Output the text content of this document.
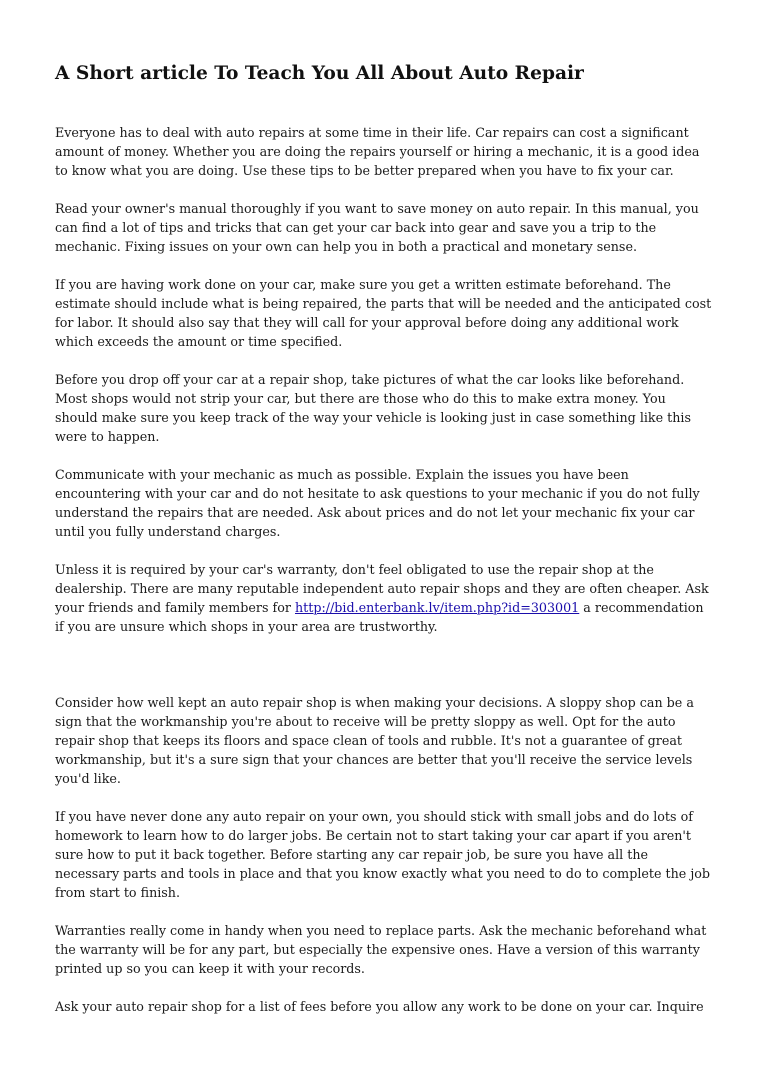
A Short article To Teach You All About Auto Repair

Everyone has to deal with auto repairs at some time in their life. Car repairs can cost a significant amount of money. Whether you are doing the repairs yourself or hiring a mechanic, it is a good idea to know what you are doing. Use these tips to be better prepared when you have to fix your car.

Read your owner's manual thoroughly if you want to save money on auto repair. In this manual, you can find a lot of tips and tricks that can get your car back into gear and save you a trip to the mechanic. Fixing issues on your own can help you in both a practical and monetary sense.

If you are having work done on your car, make sure you get a written estimate beforehand. The estimate should include what is being repaired, the parts that will be needed and the anticipated cost for labor. It should also say that they will call for your approval before doing any additional work which exceeds the amount or time specified.

Before you drop off your car at a repair shop, take pictures of what the car looks like beforehand. Most shops would not strip your car, but there are those who do this to make extra money. You should make sure you keep track of the way your vehicle is looking just in case something like this were to happen.

Communicate with your mechanic as much as possible. Explain the issues you have been encountering with your car and do not hesitate to ask questions to your mechanic if you do not fully understand the repairs that are needed. Ask about prices and do not let your mechanic fix your car until you fully understand charges.

Unless it is required by your car's warranty, don't feel obligated to use the repair shop at the dealership. There are many reputable independent auto repair shops and they are often cheaper. Ask your friends and family members for http://bid.enterbank.lv/item.php?id=303001 a recommendation if you are unsure which shops in your area are trustworthy.

Consider how well kept an auto repair shop is when making your decisions. A sloppy shop can be a sign that the workmanship you're about to receive will be pretty sloppy as well. Opt for the auto repair shop that keeps its floors and space clean of tools and rubble. It's not a guarantee of great workmanship, but it's a sure sign that your chances are better that you'll receive the service levels you'd like.

If you have never done any auto repair on your own, you should stick with small jobs and do lots of homework to learn how to do larger jobs. Be certain not to start taking your car apart if you aren't sure how to put it back together. Before starting any car repair job, be sure you have all the necessary parts and tools in place and that you know exactly what you need to do to complete the job from start to finish.

Warranties really come in handy when you need to replace parts. Ask the mechanic beforehand what the warranty will be for any part, but especially the expensive ones. Have a version of this warranty printed up so you can keep it with your records.

Ask your auto repair shop for a list of fees before you allow any work to be done on your car. Inquire
